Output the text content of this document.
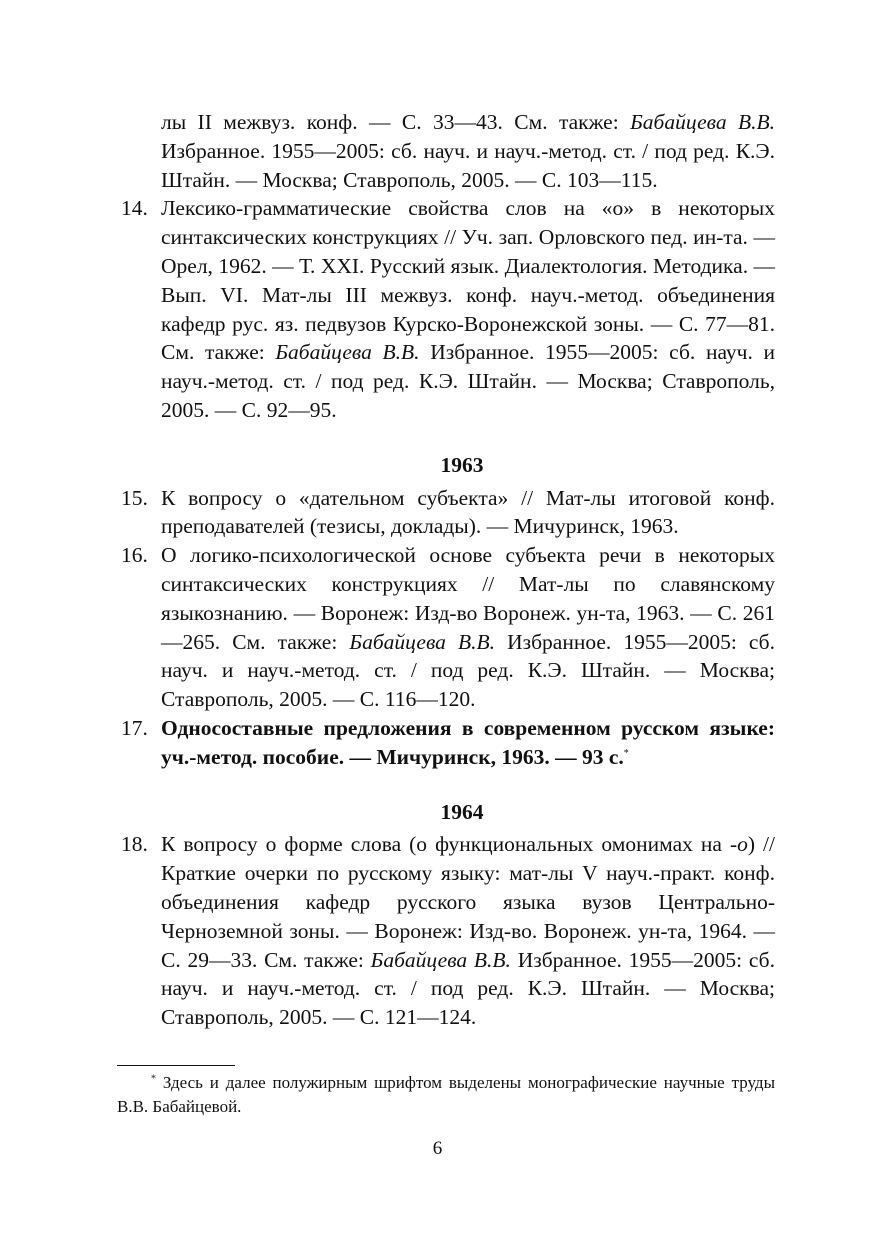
лы II межвуз. конф. — С. 33—43. См. также: Бабайцева В.В. Избранное. 1955—2005: сб. науч. и науч.-метод. ст. / под ред. К.Э. Штайн. — Москва; Ставрополь, 2005. — С. 103—115.
14. Лексико-грамматические свойства слов на «о» в некоторых синтаксических конструкциях // Уч. зап. Орловского пед. ин-та. — Орел, 1962. — Т. XXI. Русский язык. Диалектология. Методика. — Вып. VI. Мат-лы III межвуз. конф. науч.-метод. объединения кафедр рус. яз. педвузов Курско-Воронежской зоны. — С. 77—81. См. также: Бабайцева В.В. Избранное. 1955—2005: сб. науч. и науч.-метод. ст. / под ред. К.Э. Штайн. — Москва; Ставрополь, 2005. — С. 92—95.
1963
15. К вопросу о «дательном субъекта» // Мат-лы итоговой конф. преподавателей (тезисы, доклады). — Мичуринск, 1963.
16. О логико-психологической основе субъекта речи в некоторых синтаксических конструкциях // Мат-лы по славянскому языкознанию. — Воронеж: Изд-во Воронеж. ун-та, 1963. — С. 261—265. См. также: Бабайцева В.В. Избранное. 1955—2005: сб. науч. и науч.-метод. ст. / под ред. К.Э. Штайн. — Москва; Ставрополь, 2005. — С. 116—120.
17. Односоставные предложения в современном русском языке: уч.-метод. пособие. — Мичуринск, 1963. — 93 с.*
1964
18. К вопросу о форме слова (о функциональных омонимах на -о) // Краткие очерки по русскому языку: мат-лы V науч.-практ. конф. объединения кафедр русского языка вузов Центрально-Черноземной зоны. — Воронеж: Изд-во. Воронеж. ун-та, 1964. — С. 29—33. См. также: Бабайцева В.В. Избранное. 1955—2005: сб. науч. и науч.-метод. ст. / под ред. К.Э. Штайн. — Москва; Ставрополь, 2005. — С. 121—124.
* Здесь и далее полужирным шрифтом выделены монографические научные труды В.В. Бабайцевой.
6
